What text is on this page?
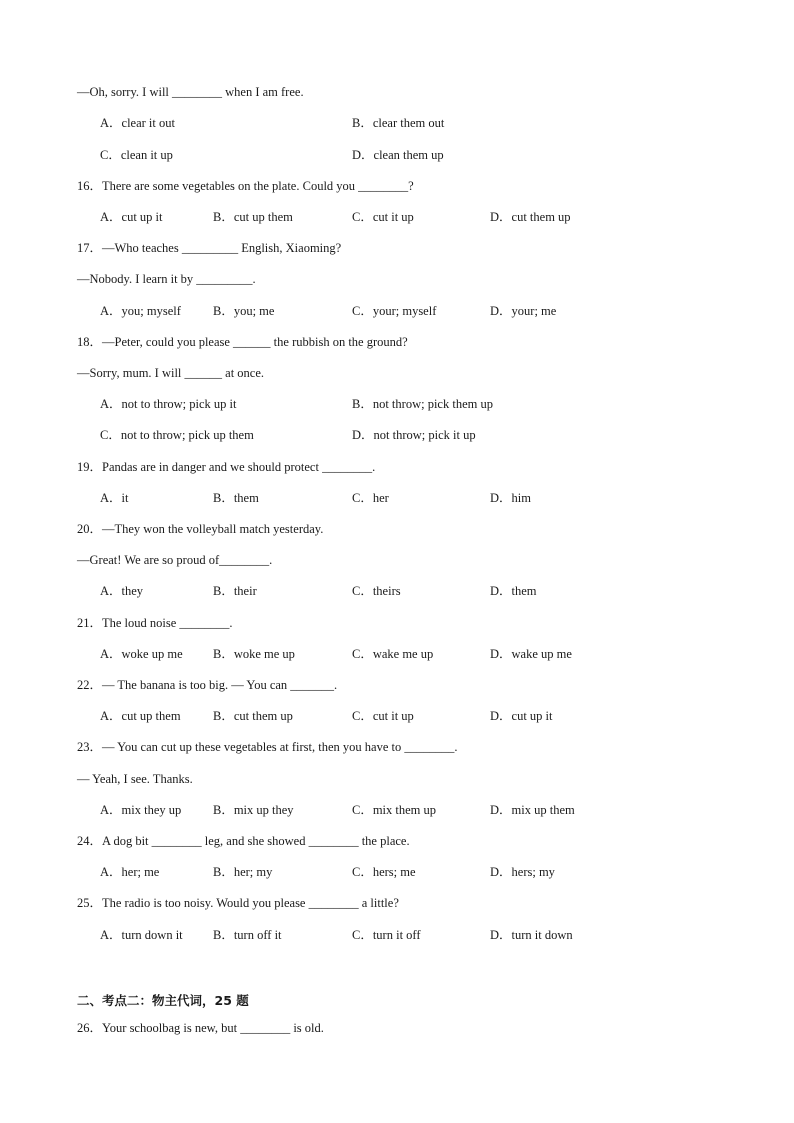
—Oh, sorry. I will ________ when I am free.
A．clear it out	B．clear them out
C．clean it up	D．clean them up
16．There are some vegetables on the plate. Could you ________?
A．cut up it	B．cut up them	C．cut it up	D．cut them up
17．—Who teaches _________ English, Xiaoming?
—Nobody. I learn it by _________.
A．you; myself	B．you; me	C．your; myself	D．your; me
18．—Peter, could you please ______ the rubbish on the ground?
—Sorry, mum. I will ______ at once.
A．not to throw; pick up it	B．not throw; pick them up
C．not to throw; pick up them	D．not throw; pick it up
19．Pandas are in danger and we should protect ________.
A．it	B．them	C．her	D．him
20．—They won the volleyball match yesterday.
—Great! We are so proud of________.
A．they	B．their	C．theirs	D．them
21．The loud noise ________.
A．woke up me B．woke me up	C．wake me up	D．wake up me
22．— The banana is too big. — You can _______.
A．cut up them	B．cut them up	C．cut it up	D．cut up it
23．— You can cut up these vegetables at first, then you have to ________.
— Yeah, I see. Thanks.
A．mix they up	B．mix up they	C．mix them up	D．mix up them
24．A dog bit ________ leg, and she showed ________ the place.
A．her; me	B．her; my	C．hers; me	D．hers; my
25．The radio is too noisy. Would you please ________ a little?
A．turn down it B．turn off it	C．turn it off	D．turn it down
二、考点二：物主代词，25 题
26．Your schoolbag is new, but ________ is old.
